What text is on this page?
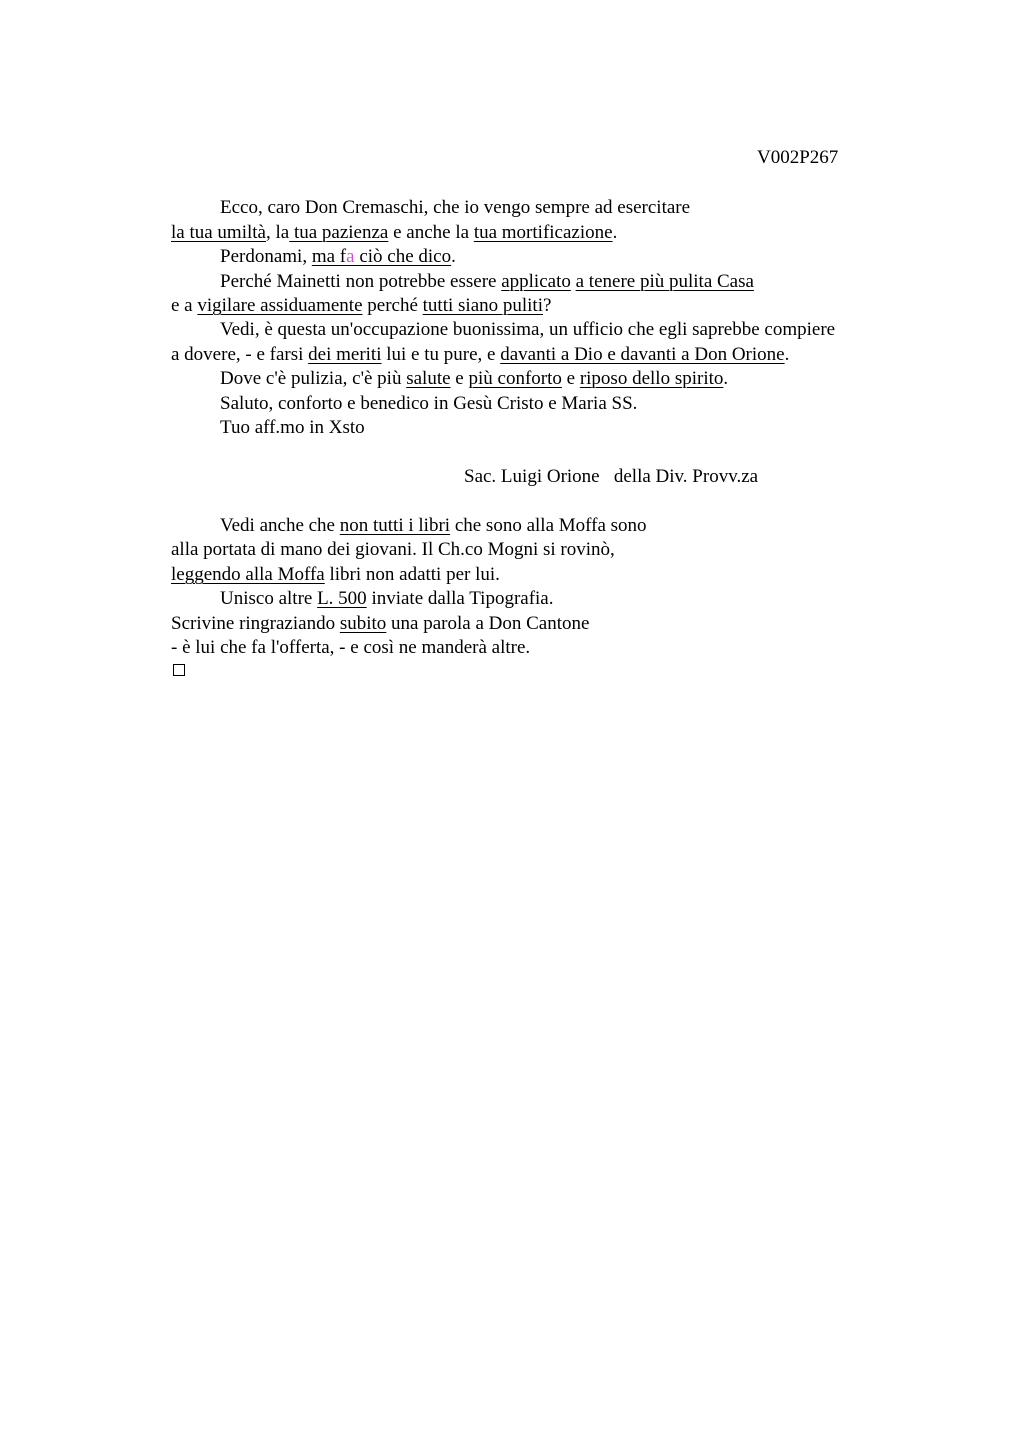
V002P267
Ecco, caro Don Cremaschi, che io vengo sempre ad esercitare
la tua umiltà, la tua pazienza e anche la tua mortificazione.
Perdonami, ma fa ciò che dico.
Perché Mainetti non potrebbe essere applicato a tenere più pulita Casa
e a vigilare assiduamente perché tutti siano puliti?
Vedi, è questa un'occupazione buonissima, un ufficio che egli saprebbe compiere
a dovere, - e farsi dei meriti lui e tu pure, e davanti a Dio e davanti a Don Orione.
Dove c'è pulizia, c'è più salute e più conforto e riposo dello spirito.
Saluto, conforto e benedico in Gesù Cristo e Maria SS.
Tuo aff.mo in Xsto
Sac. Luigi Orione   della Div. Provv.za
Vedi anche che non tutti i libri che sono alla Moffa sono
alla portata di mano dei giovani. Il Ch.co Mogni si rovinò,
leggendo alla Moffa libri non adatti per lui.
Unisco altre L. 500 inviate dalla Tipografia.
Scrivine ringraziando subito una parola a Don Cantone
- è lui che fa l'offerta, - e così ne manderà altre.
